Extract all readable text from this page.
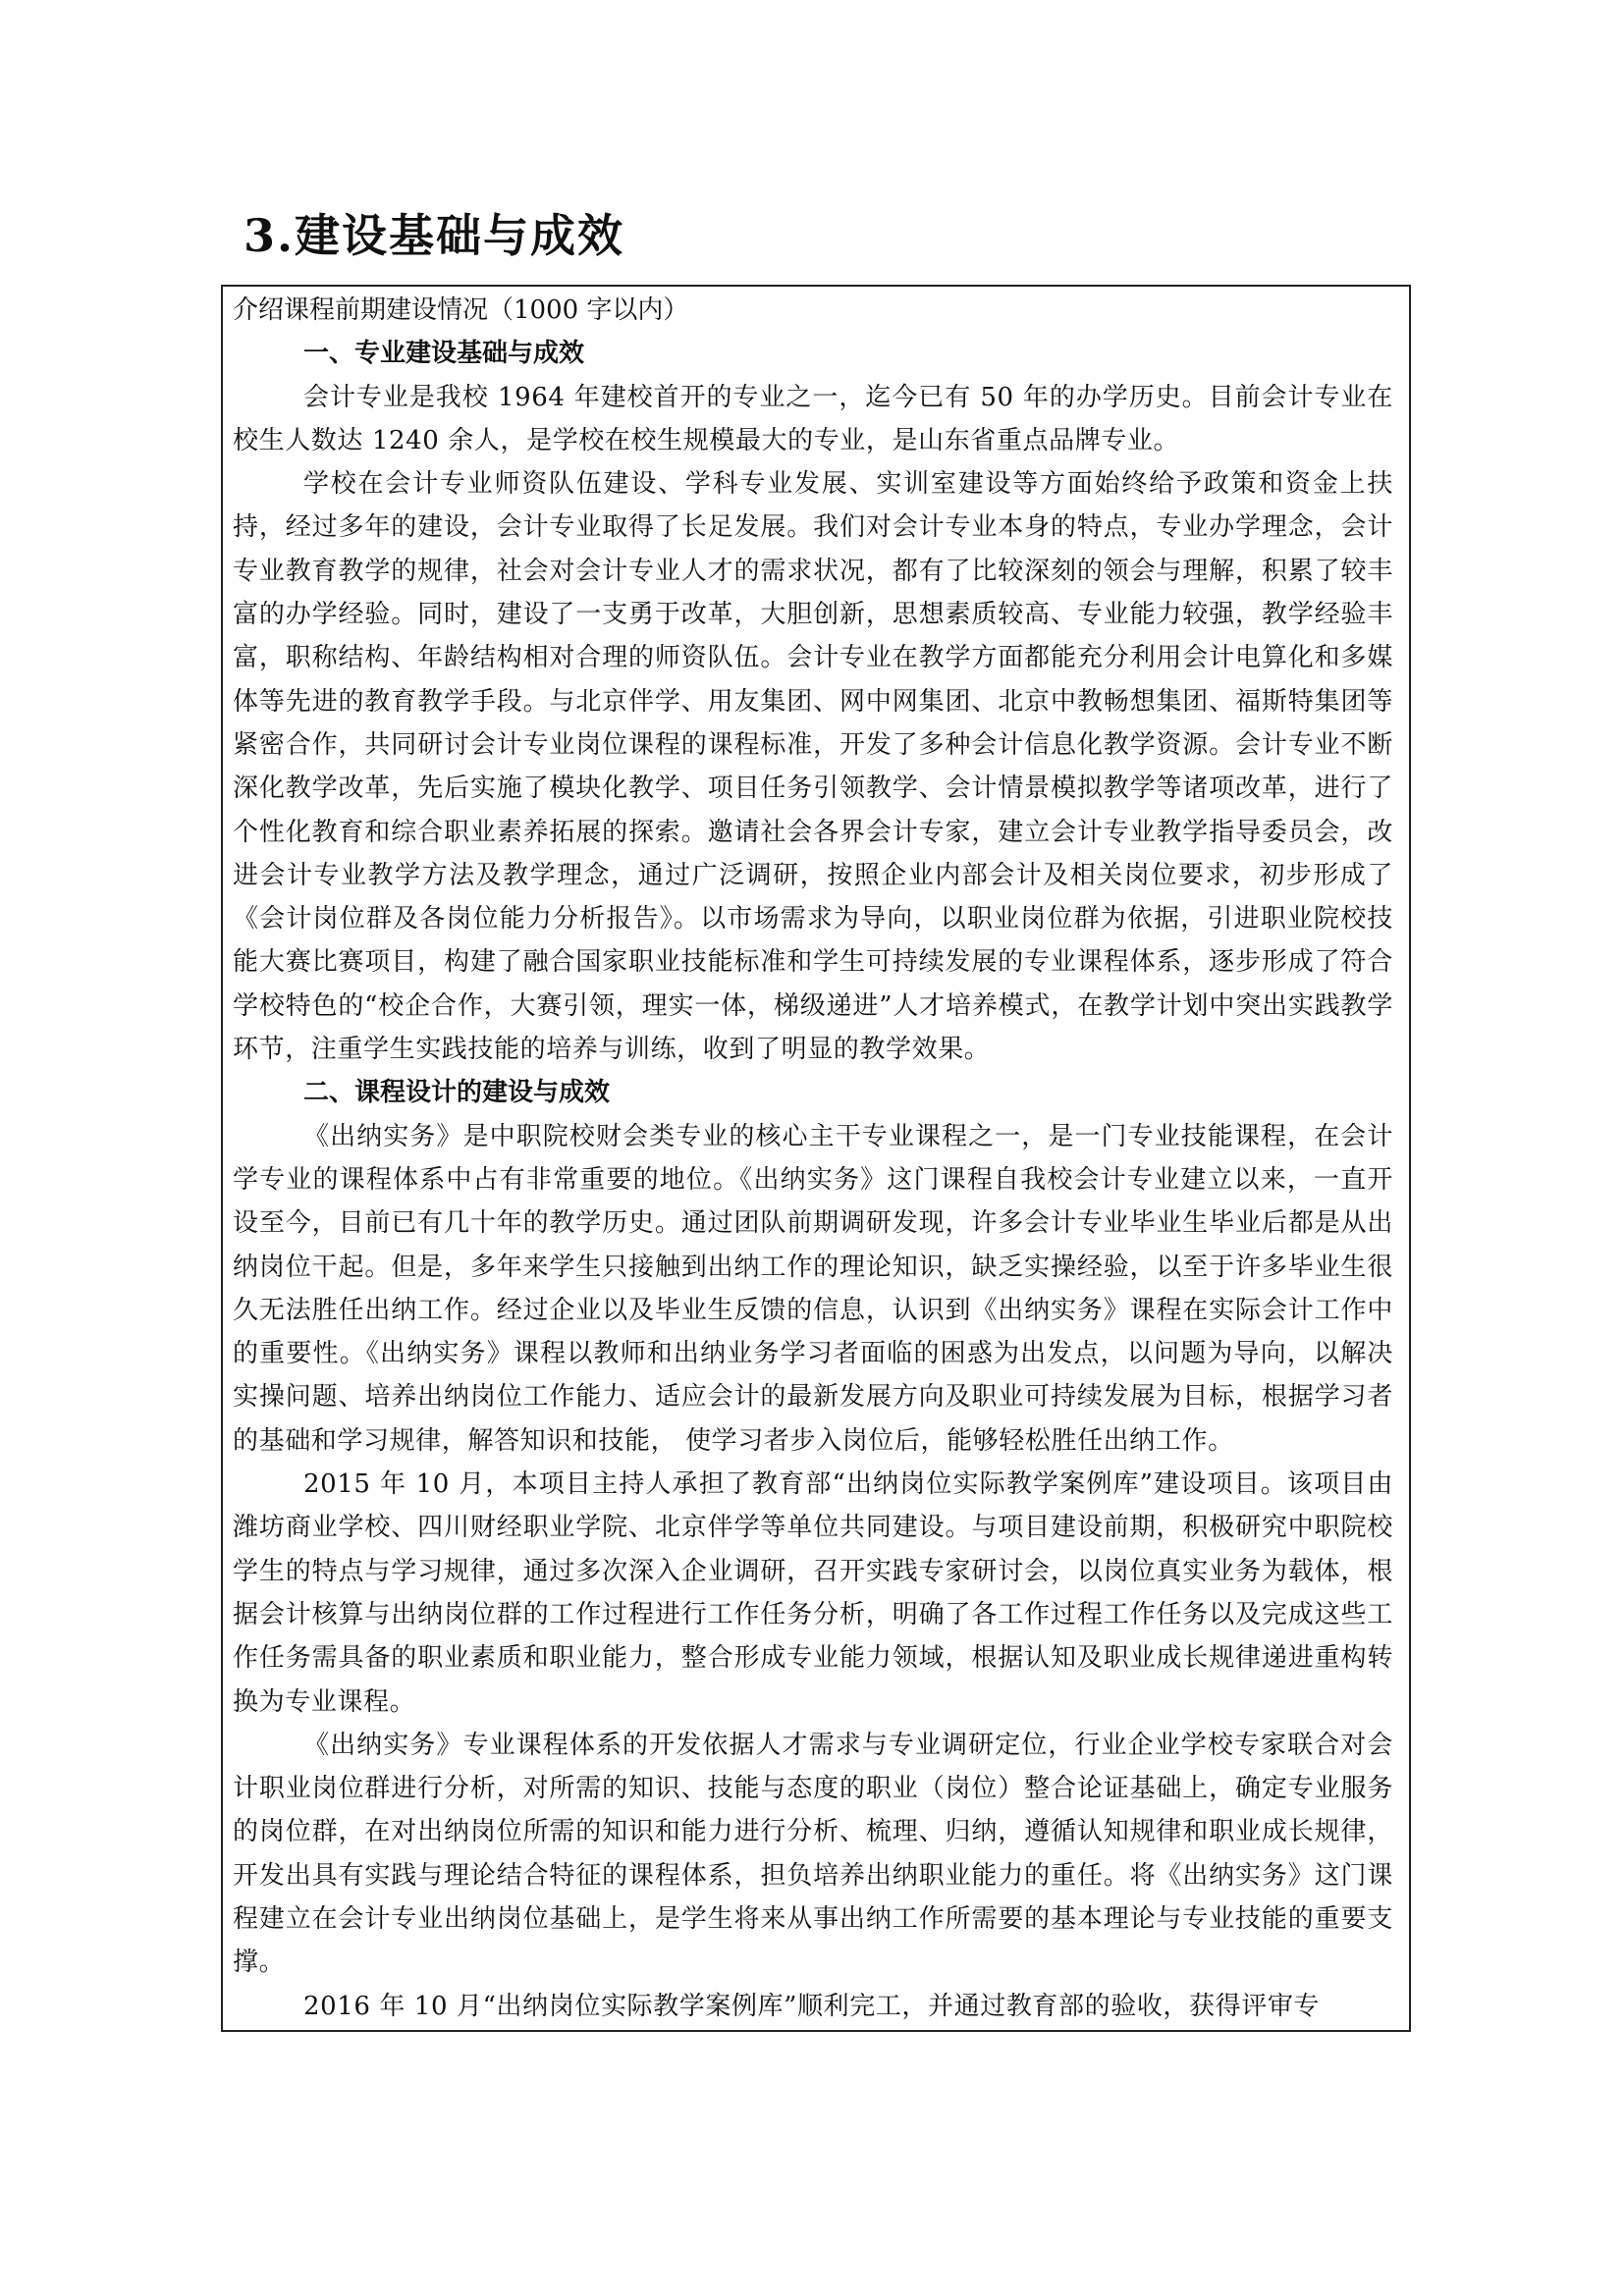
3.建设基础与成效

介绍课程前期建设情况（1000 字以内）

一、专业建设基础与成效

会计专业是我校 1964 年建校首开的专业之一，迄今已有 50 年的办学历史。目前会计专业在校生人数达 1240 余人，是学校在校生规模最大的专业，是山东省重点品牌专业。

学校在会计专业师资队伍建设、学科专业发展、实训室建设等方面始终给予政策和资金上扶持，经过多年的建设，会计专业取得了长足发展。我们对会计专业本身的特点，专业办学理念，会计专业教育教学的规律，社会对会计专业人才的需求状况，都有了比较深刻的领会与理解，积累了较丰富的办学经验。同时，建设了一支勇于改革，大胆创新，思想素质较高、专业能力较强，教学经验丰富，职称结构、年龄结构相对合理的师资队伍。会计专业在教学方面都能充分利用会计电算化和多媒体等先进的教育教学手段。与北京伴学、用友集团、网中网集团、北京中教畅想集团、福斯特集团等紧密合作，共同研讨会计专业岗位课程的课程标准，开发了多种会计信息化教学资源。会计专业不断深化教学改革，先后实施了模块化教学、项目任务引领教学、会计情景模拟教学等诸项改革，进行了个性化教育和综合职业素养拓展的探索。邀请社会各界会计专家，建立会计专业教学指导委员会，改进会计专业教学方法及教学理念，通过广泛调研，按照企业内部会计及相关岗位要求，初步形成了《会计岗位群及各岗位能力分析报告》。以市场需求为导向，以职业岗位群为依据，引进职业院校技能大赛比赛项目，构建了融合国家职业技能标准和学生可持续发展的专业课程体系，逐步形成了符合学校特色的“校企合作，大赛引领，理实一体，梯级递进”人才培养模式，在教学计划中突出实践教学环节，注重学生实践技能的培养与训练，收到了明显的教学效果。

二、课程设计的建设与成效

《出纳实务》是中职院校财会类专业的核心主干专业课程之一，是一门专业技能课程，在会计学专业的课程体系中占有非常重要的地位。《出纳实务》这门课程自我校会计专业建立以来，一直开设至今，目前已有几十年的教学历史。通过团队前期调研发现，许多会计专业毕业生毕业后都是从出纳岗位干起。但是，多年来学生只接触到出纳工作的理论知识，缺乏实操经验，以至于许多毕业生很久无法胜任出纳工作。经过企业以及毕业生反馈的信息，认识到《出纳实务》课程在实际会计工作中的重要性。《出纳实务》课程以教师和出纳业务学习者面临的困惑为出发点，以问题为导向，以解决实操问题、培养出纳岗位工作能力、适应会计的最新发展方向及职业可持续发展为目标，根据学习者的基础和学习规律，解答知识和技能， 使学习者步入岗位后，能够轻松胜任出纳工作。

2015 年 10 月，本项目主持人承担了教育部“出纳岗位实际教学案例库”建设项目。该项目由潍坊商业学校、四川财经职业学院、北京伴学等单位共同建设。与项目建设前期，积极研究中职院校学生的特点与学习规律，通过多次深入企业调研，召开实践专家研讨会，以岗位真实业务为载体，根据会计核算与出纳岗位群的工作过程进行工作任务分析，明确了各工作过程工作任务以及完成这些工作任务需具备的职业素质和职业能力，整合形成专业能力领域，根据认知及职业成长规律递进重构转换为专业课程。

《出纳实务》专业课程体系的开发依据人才需求与专业调研定位，行业企业学校专家联合对会计职业岗位群进行分析，对所需的知识、技能与态度的职业（岗位）整合论证基础上，确定专业服务的岗位群，在对出纳岗位所需的知识和能力进行分析、梳理、归纳，遵循认知规律和职业成长规律，开发出具有实践与理论结合特征的课程体系，担负培养出纳职业能力的重任。将《出纳实务》这门课程建立在会计专业出纳岗位基础上，是学生将来从事出纳工作所需要的基本理论与专业技能的重要支撑。

2016 年 10 月“出纳岗位实际教学案例库”顺利完工，并通过教育部的验收，获得评审专
